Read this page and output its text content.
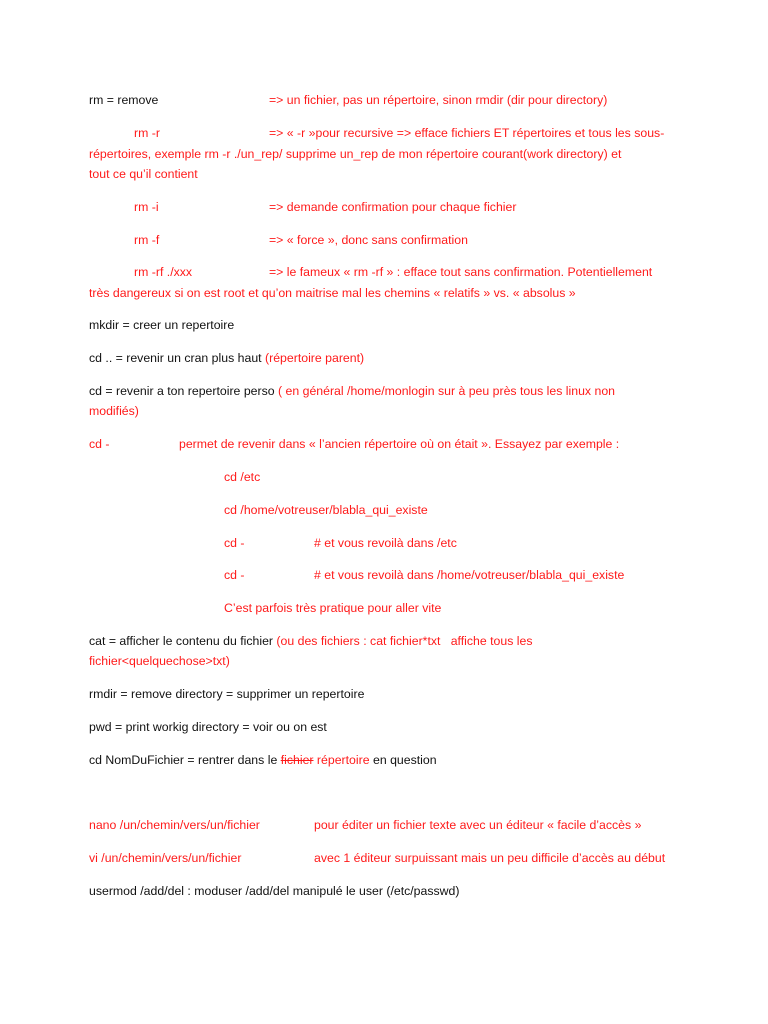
rm = remove	=> un fichier, pas un répertoire, sinon rmdir (dir pour directory)
rm -r	=> « -r »pour recursive => efface fichiers ET répertoires et tous les sous-
répertoires, exemple rm -r ./un_rep/ supprime un_rep de mon répertoire courant(work directory) et
tout ce qu’il contient
rm -i	=> demande confirmation pour chaque fichier
rm -f	=> « force », donc sans confirmation
rm -rf ./xxx	=> le fameux « rm -rf » : efface tout sans confirmation. Potentiellement
très dangereux si on est root et qu’on maitrise mal les chemins « relatifs » vs. « absolus »
mkdir = creer un repertoire
cd .. = revenir un cran plus haut (répertoire parent)
cd = revenir a ton repertoire perso ( en général /home/monlogin sur à peu près tous les linux non
modifiés)
cd -	permet de revenir dans « l’ancien répertoire où on était ». Essayez par exemple :
cd /etc
cd /home/votreuser/blabla_qui_existe
cd -	# et vous revoilà dans /etc
cd -	# et vous revoilà dans /home/votreuser/blabla_qui_existe
C’est parfois très pratique pour aller vite
cat = afficher le contenu du fichier (ou des fichiers : cat fichier*txt   affiche tous les
fichier<quelquechose>txt)
rmdir = remove directory = supprimer un repertoire
pwd = print workig directory = voir ou on est
cd NomDuFichier = rentrer dans le fichier répertoire en question
nano /un/chemin/vers/un/fichier	pour éditer un fichier texte avec un éditeur « facile d’accès »
vi /un/chemin/vers/un/fichier	avec 1 éditeur surpuissant mais un peu difficile d’accès au début
usermod /add/del : moduser /add/del manipulé le user (/etc/passwd)
